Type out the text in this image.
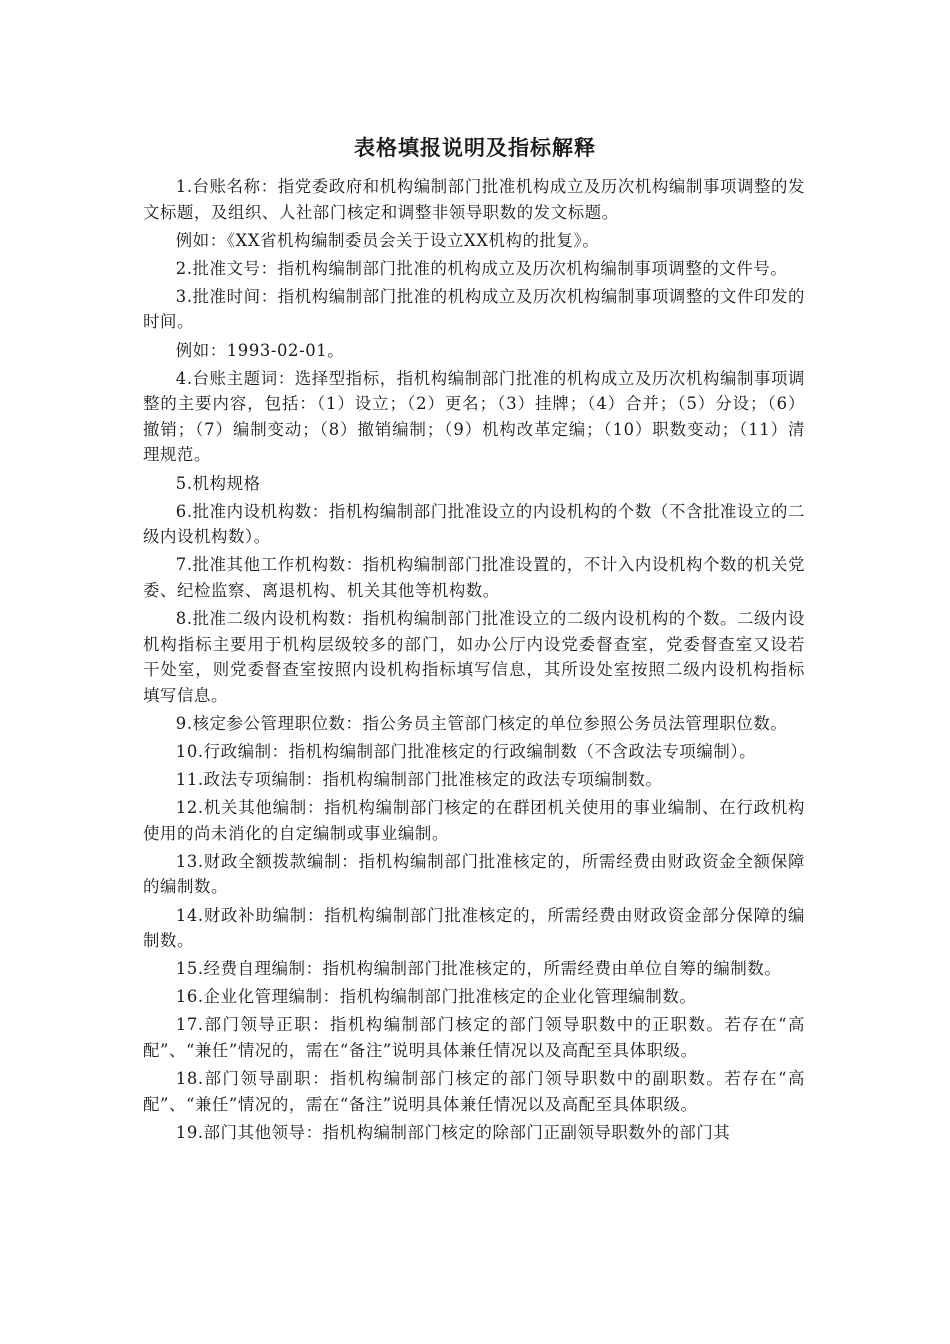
表格填报说明及指标解释

1.台账名称：指党委政府和机构编制部门批准机构成立及历次机构编制事项调整的发文标题，及组织、人社部门核定和调整非领导职数的发文标题。

例如：《XX省机构编制委员会关于设立XX机构的批复》。

2.批准文号：指机构编制部门批准的机构成立及历次机构编制事项调整的文件号。

3.批准时间：指机构编制部门批准的机构成立及历次机构编制事项调整的文件印发的时间。

例如：1993-02-01。

4.台账主题词：选择型指标，指机构编制部门批准的机构成立及历次机构编制事项调整的主要内容，包括：（1）设立；（2）更名；（3）挂牌；（4）合并；（5）分设；（6）撤销；（7）编制变动；（8）撤销编制；（9）机构改革定编；（10）职数变动；（11）清理规范。

5.机构规格

6.批准内设机构数：指机构编制部门批准设立的内设机构的个数（不含批准设立的二级内设机构数）。

7.批准其他工作机构数：指机构编制部门批准设置的，不计入内设机构个数的机关党委、纪检监察、离退机构、机关其他等机构数。

8.批准二级内设机构数：指机构编制部门批准设立的二级内设机构的个数。二级内设机构指标主要用于机构层级较多的部门，如办公厅内设党委督查室，党委督查室又设若干处室，则党委督查室按照内设机构指标填写信息，其所设处室按照二级内设机构指标填写信息。

9.核定参公管理职位数：指公务员主管部门核定的单位参照公务员法管理职位数。

10.行政编制：指机构编制部门批准核定的行政编制数（不含政法专项编制）。

11.政法专项编制：指机构编制部门批准核定的政法专项编制数。

12.机关其他编制：指机构编制部门核定的在群团机关使用的事业编制、在行政机构使用的尚未消化的自定编制或事业编制。

13.财政全额拨款编制：指机构编制部门批准核定的，所需经费由财政资金全额保障的编制数。

14.财政补助编制：指机构编制部门批准核定的，所需经费由财政资金部分保障的编制数。

15.经费自理编制：指机构编制部门批准核定的，所需经费由单位自筹的编制数。

16.企业化管理编制：指机构编制部门批准核定的企业化管理编制数。

17.部门领导正职：指机构编制部门核定的部门领导职数中的正职数。若存在“高配”、“兼任”情况的，需在“备注”说明具体兼任情况以及高配至具体职级。

18.部门领导副职：指机构编制部门核定的部门领导职数中的副职数。若存在“高配”、“兼任”情况的，需在“备注”说明具体兼任情况以及高配至具体职级。

19.部门其他领导：指机构编制部门核定的除部门正副领导职数外的部门其
